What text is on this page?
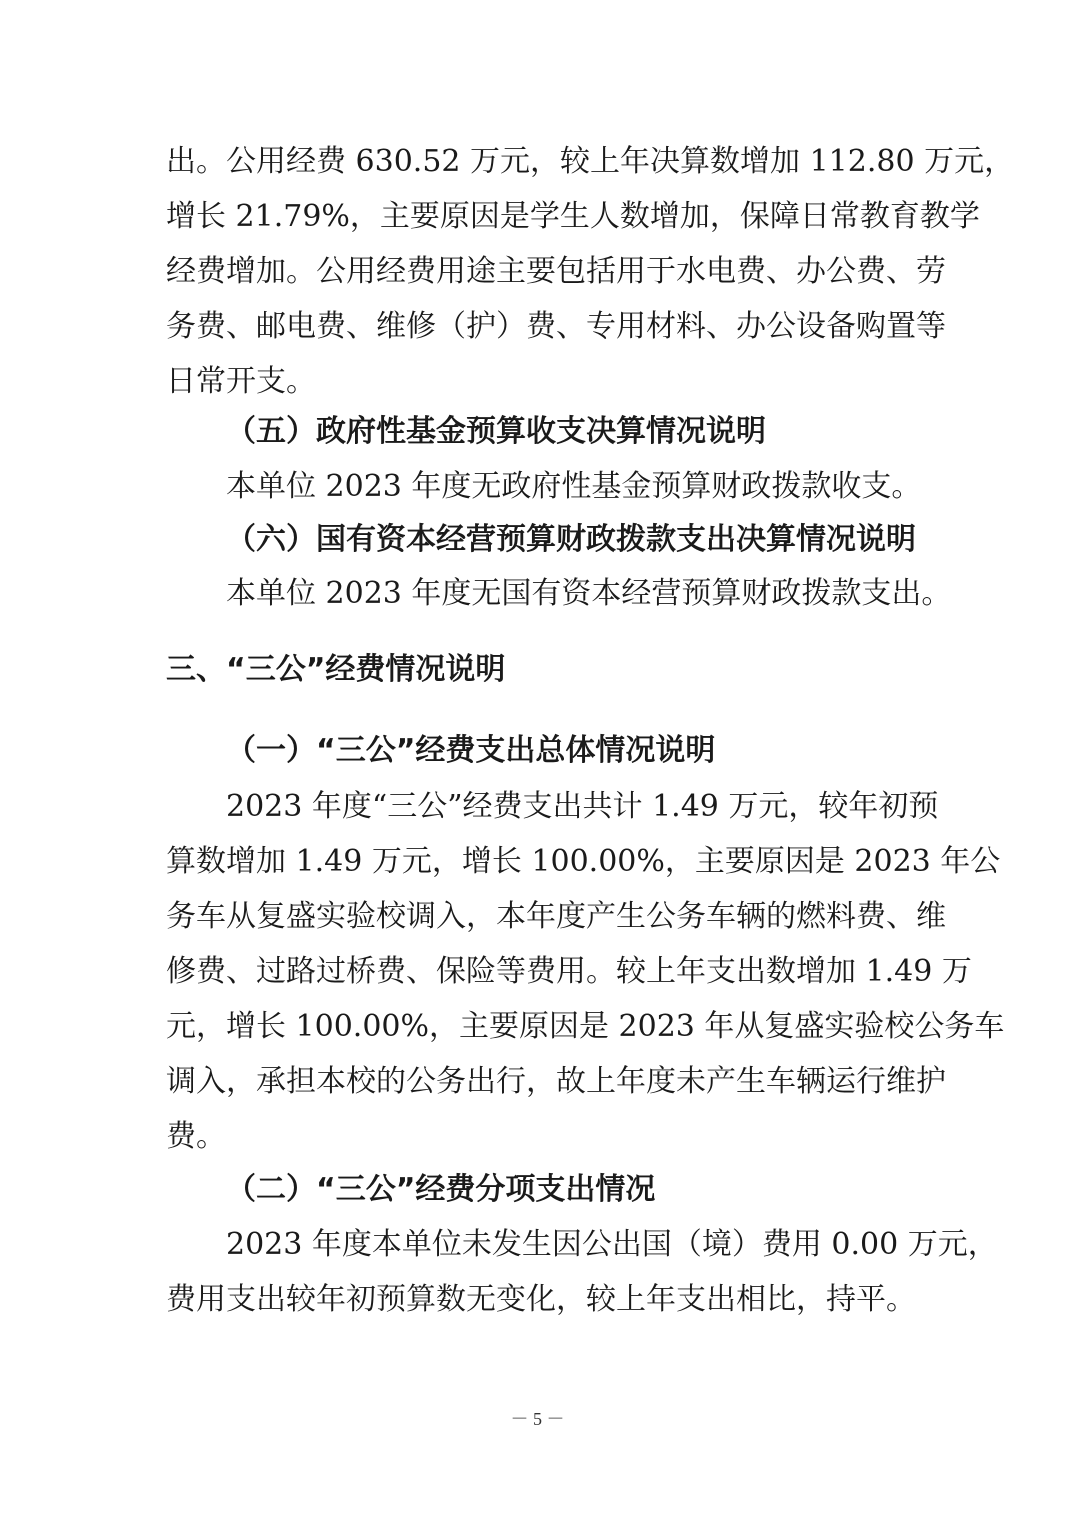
出。公用经费 630.52 万元，较上年决算数增加 112.80 万元，

增长 21.79%，主要原因是学生人数增加，保障日常教育教学

经费增加。公用经费用途主要包括用于水电费、办公费、劳

务费、邮电费、维修（护）费、专用材料、办公设备购置等

日常开支。

（五）政府性基金预算收支决算情况说明

本单位 2023 年度无政府性基金预算财政拨款收支。

（六）国有资本经营预算财政拨款支出决算情况说明

本单位 2023 年度无国有资本经营预算财政拨款支出。

三、“三公”经费情况说明
（一）“三公”经费支出总体情况说明

2023 年度“三公”经费支出共计 1.49 万元，较年初预

算数增加 1.49 万元，增长 100.00%，主要原因是 2023 年公

务车从复盛实验校调入，本年度产生公务车辆的燃料费、维

修费、过路过桥费、保险等费用。较上年支出数增加 1.49 万

元，增长 100.00%，主要原因是 2023 年从复盛实验校公务车

调入，承担本校的公务出行，故上年度未产生车辆运行维护

费。

（二）“三公”经费分项支出情况

2023 年度本单位未发生因公出国（境）费用 0.00 万元，

费用支出较年初预算数无变化，较上年支出相比，持平。

－ 5 －
